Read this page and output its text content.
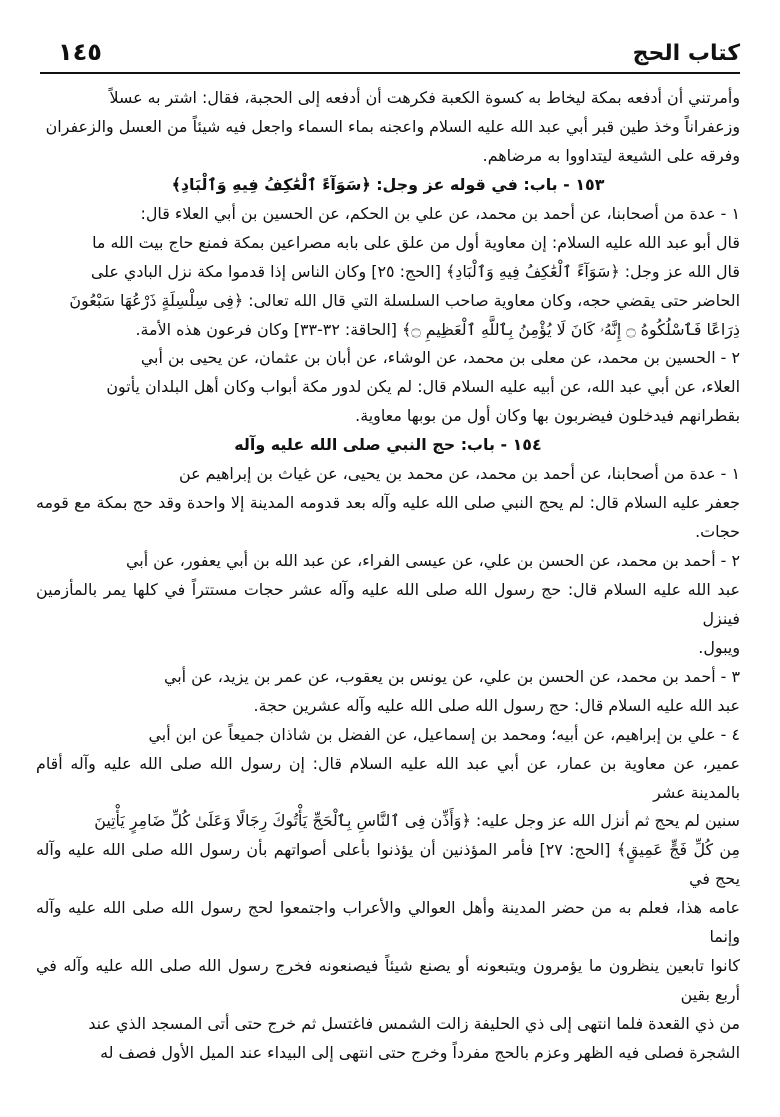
١٤٥	كتاب الحج
وأمرتني أن أدفعه بمكة ليخاط به كسوة الكعبة فكرهت أن أدفعه إلى الحجبة، فقال: اشتر به عسلاً
وزعفراناً وخذ طين قبر أبي عبد الله عليه السلام واعجنه بماء السماء واجعل فيه شيئاً من العسل والزعفران
وفرقه على الشيعة ليتداووا به مرضاهم.
١٥٣ - باب: في قوله عز وجل: ﴿سَوَآءً ٱلْعَٰكِفُ فِيهِ وَٱلْبَادِ﴾
١ - عدة من أصحابنا، عن أحمد بن محمد، عن علي بن الحكم، عن الحسين بن أبي العلاء قال:
قال أبو عبد الله عليه السلام: إن معاوية أول من علق على بابه مصراعين بمكة فمنع حاج بيت الله ما
قال الله عز وجل: ﴿سَوَآءً ٱلْعَٰكِفُ فِيهِ وَٱلْبَادِ﴾ [الحج: ٢٥] وكان الناس إذا قدموا مكة نزل البادي على
الحاضر حتى يقضي حجه، وكان معاوية صاحب السلسلة التي قال الله تعالى: ﴿فِى سِلْسِلَةٍ ذَرْعُهَا سَبْعُونَ
ذِرَاعًا فَٱسْلُكُوهُ ۝ إِنَّهُۥ كَانَ لَا يُؤْمِنُ بِٱللَّهِ ٱلْعَظِيمِ ۝﴾ [الحاقة: ٣٢-٣٣] وكان فرعون هذه الأمة.
٢ - الحسين بن محمد، عن معلى بن محمد، عن الوشاء، عن أبان بن عثمان، عن يحيى بن أبي
العلاء، عن أبي عبد الله، عن أبيه عليه السلام قال: لم يكن لدور مكة أبواب وكان أهل البلدان يأتون
بقطرانهم فيدخلون فيضربون بها وكان أول من بوبها معاوية.
١٥٤ - باب: حج النبي صلى الله عليه وآله
١ - عدة من أصحابنا، عن أحمد بن محمد، عن محمد بن يحيى، عن غياث بن إبراهيم عن
جعفر عليه السلام قال: لم يحج النبي صلى الله عليه وآله بعد قدومه المدينة إلا واحدة وقد حج بمكة مع قومه حجات.
٢ - أحمد بن محمد، عن الحسن بن علي، عن عيسى الفراء، عن عبد الله بن أبي يعفور، عن أبي
عبد الله عليه السلام قال: حج رسول الله صلى الله عليه وآله عشر حجات مستتراً في كلها يمر بالمأزمين فينزل
ويبول.
٣ - أحمد بن محمد، عن الحسن بن علي، عن يونس بن يعقوب، عن عمر بن يزيد، عن أبي
عبد الله عليه السلام قال: حج رسول الله صلى الله عليه وآله عشرين حجة.
٤ - علي بن إبراهيم، عن أبيه؛ ومحمد بن إسماعيل، عن الفضل بن شاذان جميعاً عن ابن أبي
عمير، عن معاوية بن عمار، عن أبي عبد الله عليه السلام قال: إن رسول الله صلى الله عليه وآله أقام بالمدينة عشر
سنين لم يحج ثم أنزل الله عز وجل عليه: ﴿وَأَذِّن فِى ٱلنَّاسِ بِٱلْحَجِّ يَأْتُوكَ رِجَالًا وَعَلَىٰ كُلِّ ضَامِرٍ يَأْتِينَ
مِن كُلِّ فَجٍّ عَمِيقٍ﴾ [الحج: ٢٧] فأمر المؤذنين أن يؤذنوا بأعلى أصواتهم بأن رسول الله صلى الله عليه وآله يحج في
عامه هذا، فعلم به من حضر المدينة وأهل العوالي والأعراب واجتمعوا لحج رسول الله صلى الله عليه وآله وإنما
كانوا تابعين ينظرون ما يؤمرون ويتبعونه أو يصنع شيئاً فيصنعونه فخرج رسول الله صلى الله عليه وآله في أربع بقين
من ذي القعدة فلما انتهى إلى ذي الحليفة زالت الشمس فاغتسل ثم خرج حتى أتى المسجد الذي عند
الشجرة فصلى فيه الظهر وعزم بالحج مفرداً وخرج حتى انتهى إلى البيداء عند الميل الأول فصف له
